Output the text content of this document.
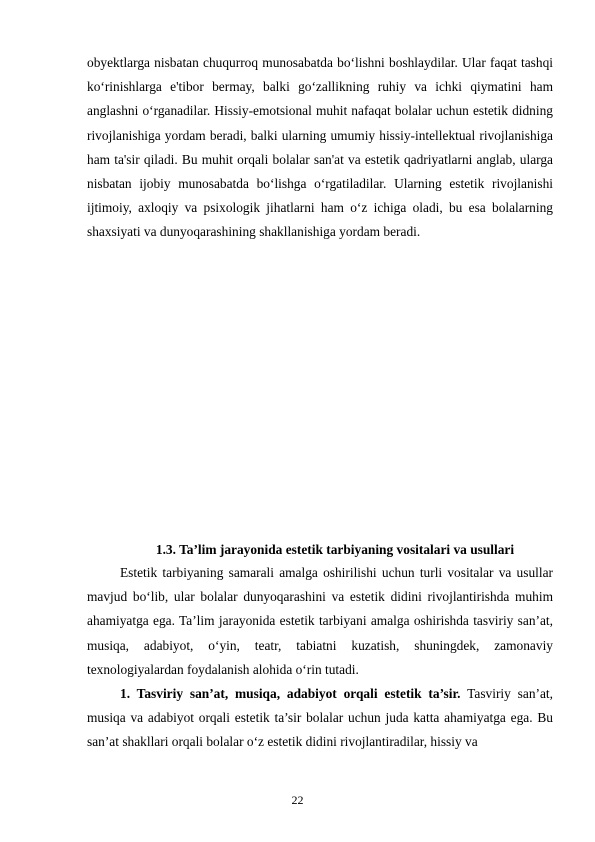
obyektlarga nisbatan chuqurroq munosabatda bo‘lishni boshlaydilar. Ular faqat tashqi ko‘rinishlarga e'tibor bermay, balki go‘zallikning ruhiy va ichki qiymatini ham anglashni o‘rganadilar. Hissiy-emotsional muhit nafaqat bolalar uchun estetik didning rivojlanishiga yordam beradi, balki ularning umumiy hissiy-intellektual rivojlanishiga ham ta'sir qiladi. Bu muhit orqali bolalar san'at va estetik qadriyatlarni anglab, ularga nisbatan ijobiy munosabatda bo‘lishga o‘rgatiladilar. Ularning estetik rivojlanishi ijtimoiy, axloqiy va psixologik jihatlarni ham o‘z ichiga oladi, bu esa bolalarning shaxsiyati va dunyoqarashining shakllanishiga yordam beradi.

1.3. Ta’lim jarayonida estetik tarbiyaning vositalari va usullari

Estetik tarbiyaning samarali amalga oshirilishi uchun turli vositalar va usullar mavjud bo‘lib, ular bolalar dunyoqarashini va estetik didini rivojlantirishda muhim ahamiyatga ega. Ta’lim jarayonida estetik tarbiyani amalga oshirishda tasviriy san’at, musiqa, adabiyot, o‘yin, teatr, tabiatni kuzatish, shuningdek, zamonaviy texnologiyalardan foydalanish alohida o‘rin tutadi.

1. Tasviriy san’at, musiqa, adabiyot orqali estetik ta’sir. Tasviriy san’at, musiqa va adabiyot orqali estetik ta’sir bolalar uchun juda katta ahamiyatga ega. Bu san’at shakllari orqali bolalar o‘z estetik didini rivojlantiradilar, hissiy va

22
